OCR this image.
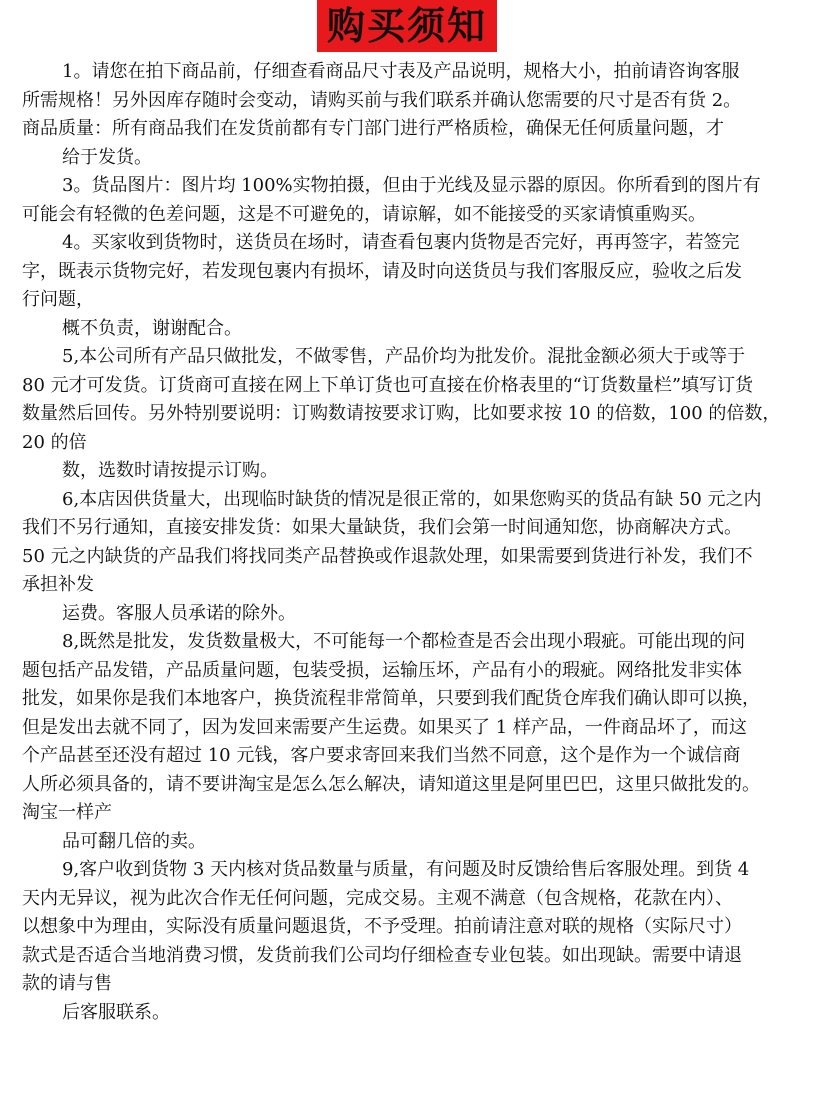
购买须知
1。请您在拍下商品前，仔细查看商品尺寸表及产品说明，规格大小，拍前请咨询客服
所需规格！另外因库存随时会变动，请购买前与我们联系并确认您需要的尺寸是否有货 2。
商品质量：所有商品我们在发货前都有专门部门进行严格质检，确保无任何质量问题，才
给于发货。
3。货品图片：图片均 100%实物拍摄，但由于光线及显示器的原因。你所看到的图片有
可能会有轻微的色差问题，这是不可避免的，请谅解，如不能接受的买家请慎重购买。
4。买家收到货物时，送货员在场时，请查看包裹内货物是否完好，再再签字，若签完
字，既表示货物完好，若发现包裹内有损坏，请及时向送货员与我们客服反应，验收之后发
行问题，
概不负责，谢谢配合。
5,本公司所有产品只做批发，不做零售，产品价均为批发价。混批金额必须大于或等于
80 元才可发货。订货商可直接在网上下单订货也可直接在价格表里的“订货数量栏”填写订货
数量然后回传。另外特别要说明：订购数请按要求订购，比如要求按 10 的倍数，100 的倍数，
20 的倍
数，选数时请按提示订购。
6,本店因供货量大，出现临时缺货的情况是很正常的，如果您购买的货品有缺 50 元之内
我们不另行通知，直接安排发货：如果大量缺货，我们会第一时间通知您，协商解决方式。
50 元之内缺货的产品我们将找同类产品替换或作退款处理，如果需要到货进行补发，我们不
承担补发
运费。客服人员承诺的除外。
8,既然是批发，发货数量极大，不可能每一个都检查是否会出现小瑕疵。可能出现的问
题包括产品发错，产品质量问题，包装受损，运输压坏，产品有小的瑕疵。网络批发非实体
批发，如果你是我们本地客户，换货流程非常简单，只要到我们配货仓库我们确认即可以换，
但是发出去就不同了，因为发回来需要产生运费。如果买了 1 样产品，一件商品坏了，而这
个产品甚至还没有超过 10 元钱，客户要求寄回来我们当然不同意，这个是作为一个诚信商
人所必须具备的，请不要讲淘宝是怎么怎么解决，请知道这里是阿里巴巴，这里只做批发的。
淘宝一样产
品可翻几倍的卖。
9,客户收到货物 3 天内核对货品数量与质量，有问题及时反馈给售后客服处理。到货 4
天内无异议，视为此次合作无任何问题，完成交易。主观不满意（包含规格，花款在内）、
以想象中为理由，实际没有质量问题退货，不予受理。拍前请注意对联的规格（实际尺寸）
款式是否适合当地消费习惯，发货前我们公司均仔细检查专业包装。如出现缺。需要中请退
款的请与售
后客服联系。
